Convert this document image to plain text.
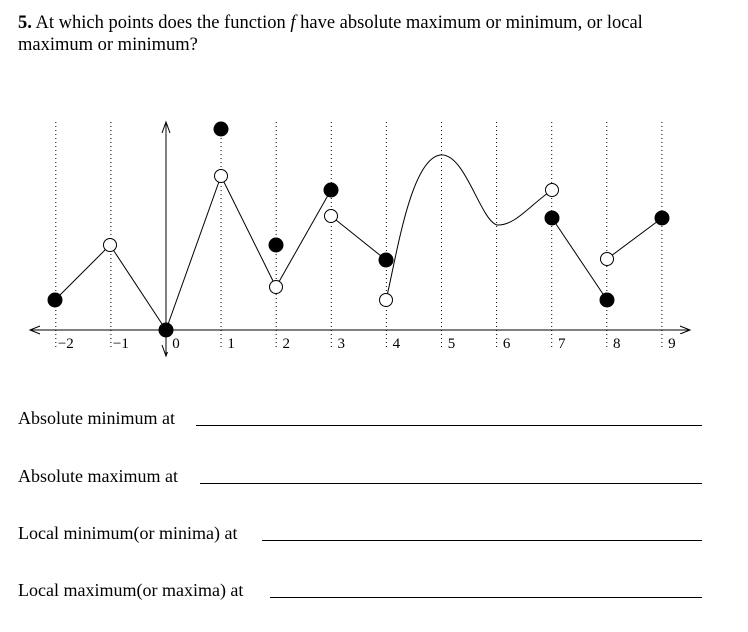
5. At which points does the function f have absolute maximum or minimum, or local maximum or minimum?
−2	−1	0	1	2	3	4	5	6	7	8	9
Absolute minimum at
Absolute maximum at
Local minimum(or minima) at
Local maximum(or maxima) at
